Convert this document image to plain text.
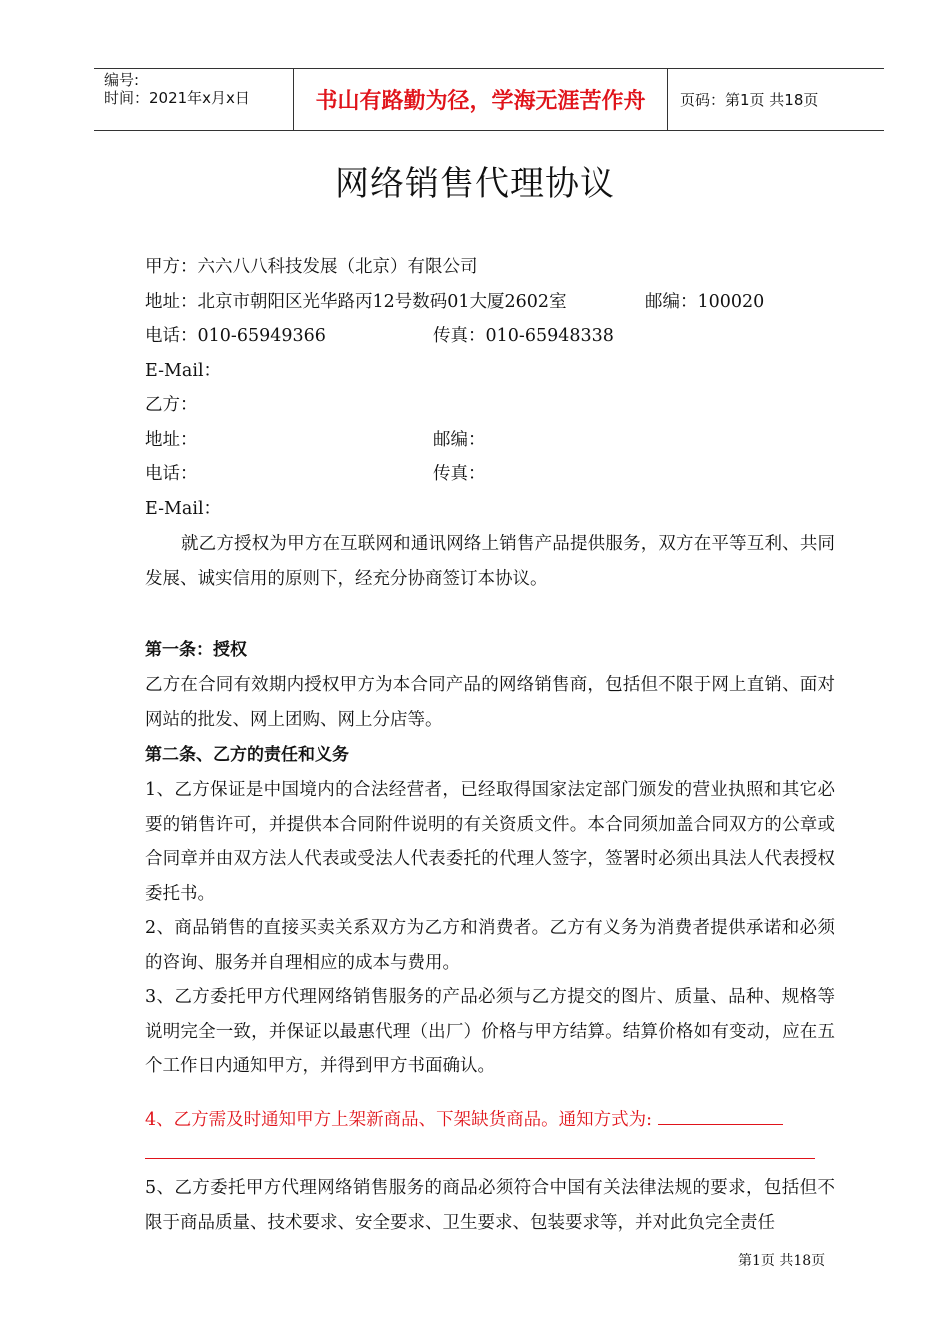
编号:
时间：2021年x月x日	书山有路勤为径，学海无涯苦作舟	页码：第1页 共18页
网络销售代理协议
甲方：六六八八科技发展（北京）有限公司
地址：北京市朝阳区光华路丙12号数码01大厦2602室	邮编：100020
电话：010-65949366	传真：010-65948338
E-Mail：
乙方：
地址：	邮编：
电话：	传真：
E-Mail：
就乙方授权为甲方在互联网和通讯网络上销售产品提供服务，双方在平等互利、共同发展、诚实信用的原则下，经充分协商签订本协议。
第一条：授权
乙方在合同有效期内授权甲方为本合同产品的网络销售商，包括但不限于网上直销、面对网站的批发、网上团购、网上分店等。
第二条、乙方的责任和义务
1、乙方保证是中国境内的合法经营者，已经取得国家法定部门颁发的营业执照和其它必要的销售许可，并提供本合同附件说明的有关资质文件。本合同须加盖合同双方的公章或合同章并由双方法人代表或受法人代表委托的代理人签字，签署时必须出具法人代表授权委托书。
2、商品销售的直接买卖关系双方为乙方和消费者。乙方有义务为消费者提供承诺和必须的咨询、服务并自理相应的成本与费用。
3、乙方委托甲方代理网络销售服务的产品必须与乙方提交的图片、质量、品种、规格等说明完全一致，并保证以最惠代理（出厂）价格与甲方结算。结算价格如有变动，应在五个工作日内通知甲方，并得到甲方书面确认。
4、乙方需及时通知甲方上架新商品、下架缺货商品。通知方式为:
5、乙方委托甲方代理网络销售服务的商品必须符合中国有关法律法规的要求，包括但不限于商品质量、技术要求、安全要求、卫生要求、包装要求等，并对此负完全责任
第1页 共18页
